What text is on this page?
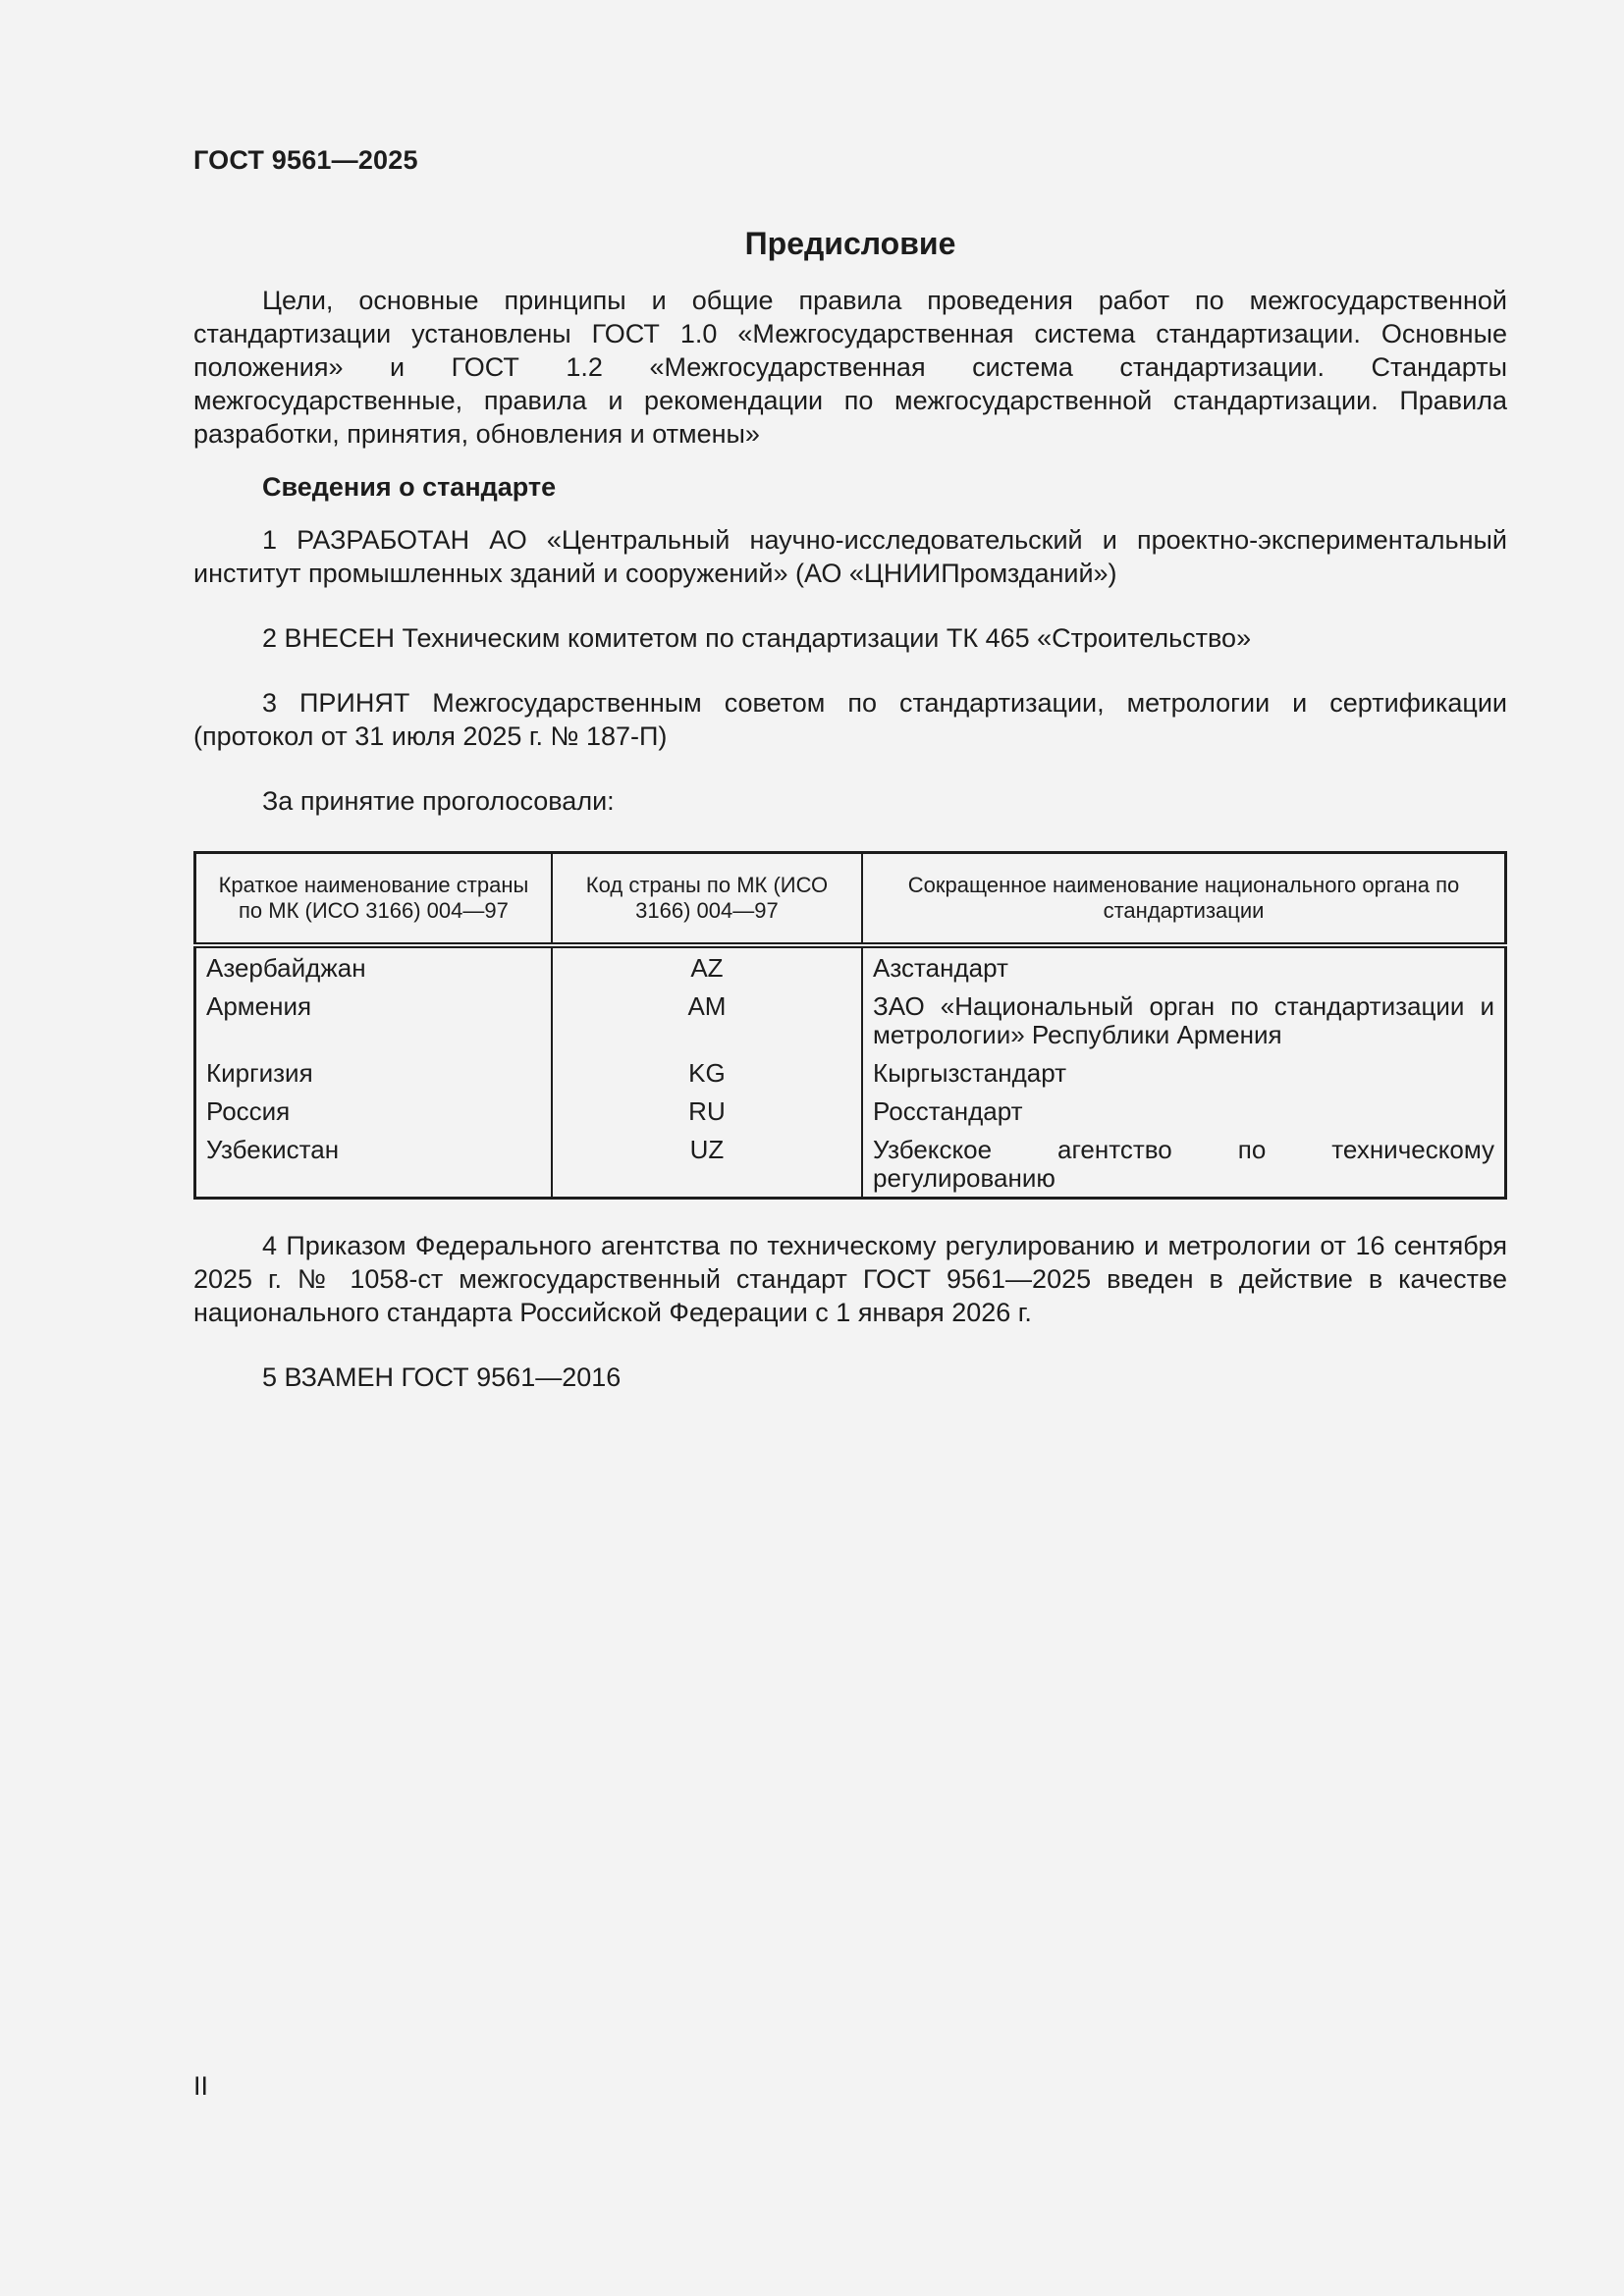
ГОСТ 9561—2025
Предисловие

Цели, основные принципы и общие правила проведения работ по межгосударственной стандартизации установлены ГОСТ 1.0 «Межгосударственная система стандартизации. Основные положения» и ГОСТ 1.2 «Межгосударственная система стандартизации. Стандарты межгосударственные, правила и рекомендации по межгосударственной стандартизации. Правила разработки, принятия, обновления и отмены»

Сведения о стандарте

1 РАЗРАБОТАН АО «Центральный научно-исследовательский и проектно-экспериментальный институт промышленных зданий и сооружений» (АО «ЦНИИПромзданий»)

2 ВНЕСЕН Техническим комитетом по стандартизации ТК 465 «Строительство»

3 ПРИНЯТ Межгосударственным советом по стандартизации, метрологии и сертификации (протокол от 31 июля 2025 г. № 187-П)

За принятие проголосовали:

Краткое наименование страны по МК (ИСО 3166) 004—97	Код страны по МК (ИСО 3166) 004—97	Сокращенное наименование национального органа по стандартизации
Азербайджан	AZ	Азстандарт
Армения	AM	ЗАО «Национальный орган по стандартизации и метрологии» Республики Армения
Киргизия	KG	Кыргызстандарт
Россия	RU	Росстандарт
Узбекистан	UZ	Узбекское агентство по техническому регулированию

4 Приказом Федерального агентства по техническому регулированию и метрологии от 16 сентября 2025 г. № 1058-ст межгосударственный стандарт ГОСТ 9561—2025 введен в действие в качестве национального стандарта Российской Федерации с 1 января 2026 г.

5 ВЗАМЕН ГОСТ 9561—2016

II
